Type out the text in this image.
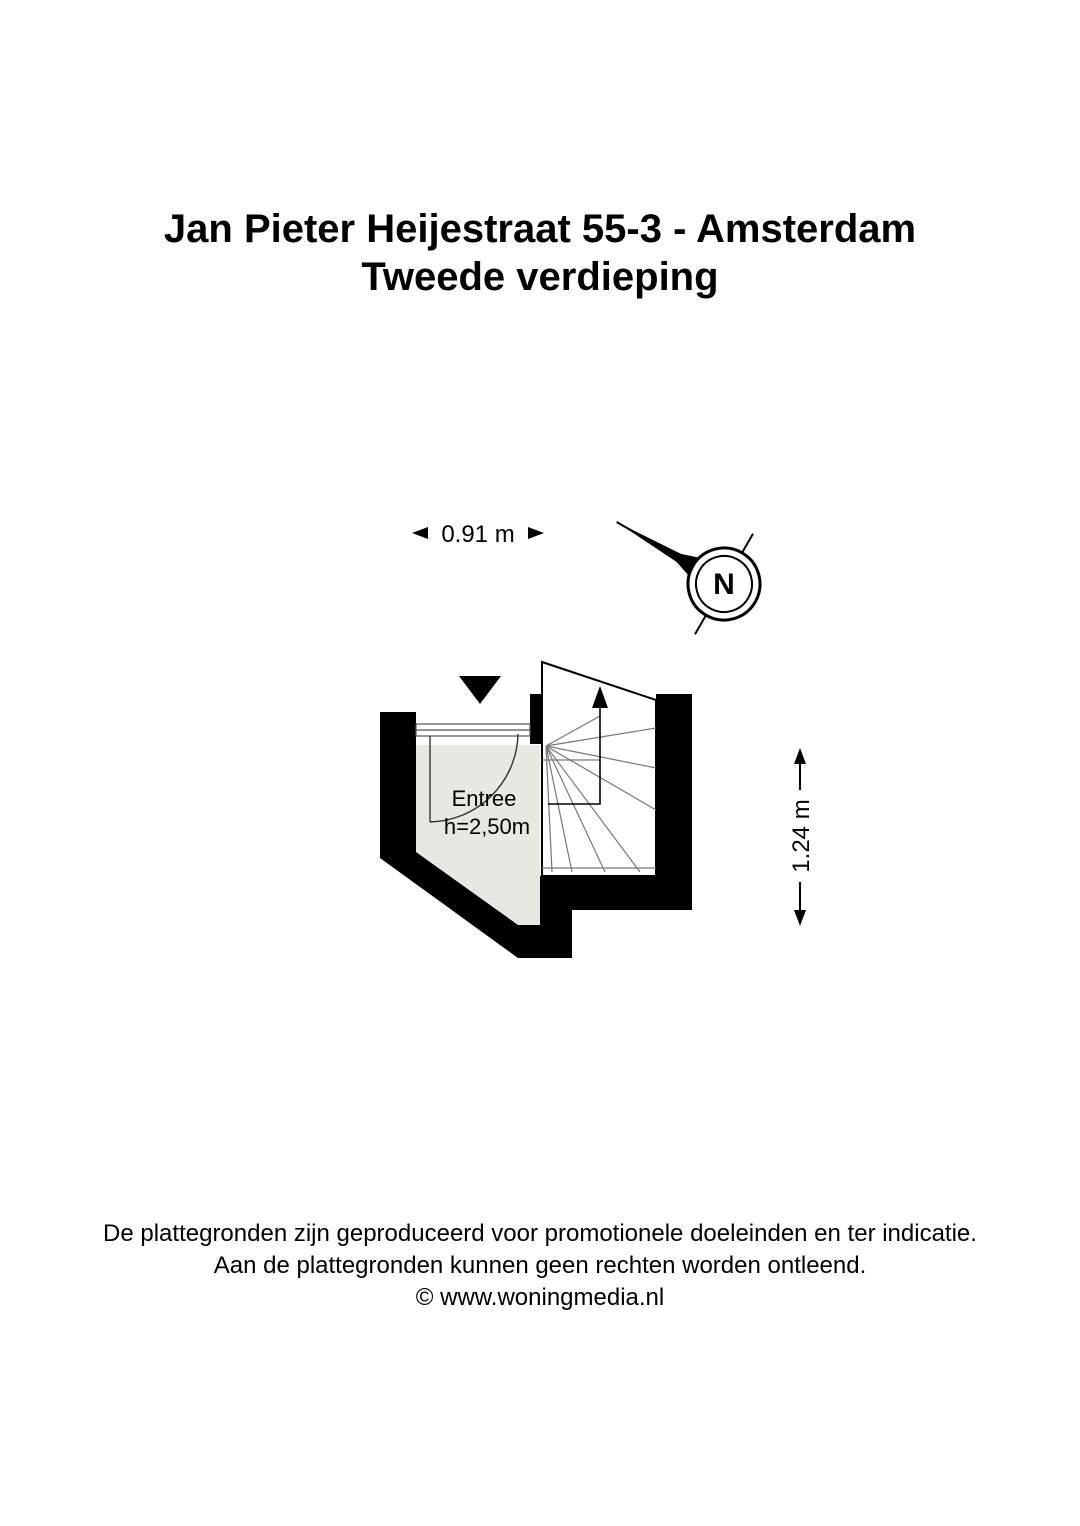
Jan Pieter Heijestraat 55-3 - Amsterdam
Tweede verdieping
Entree
h=2,50m
0.91 m
1.24 m
N
De plattegronden zijn geproduceerd voor promotionele doeleinden en ter indicatie.
Aan de plattegronden kunnen geen rechten worden ontleend.
© www.woningmedia.nl
